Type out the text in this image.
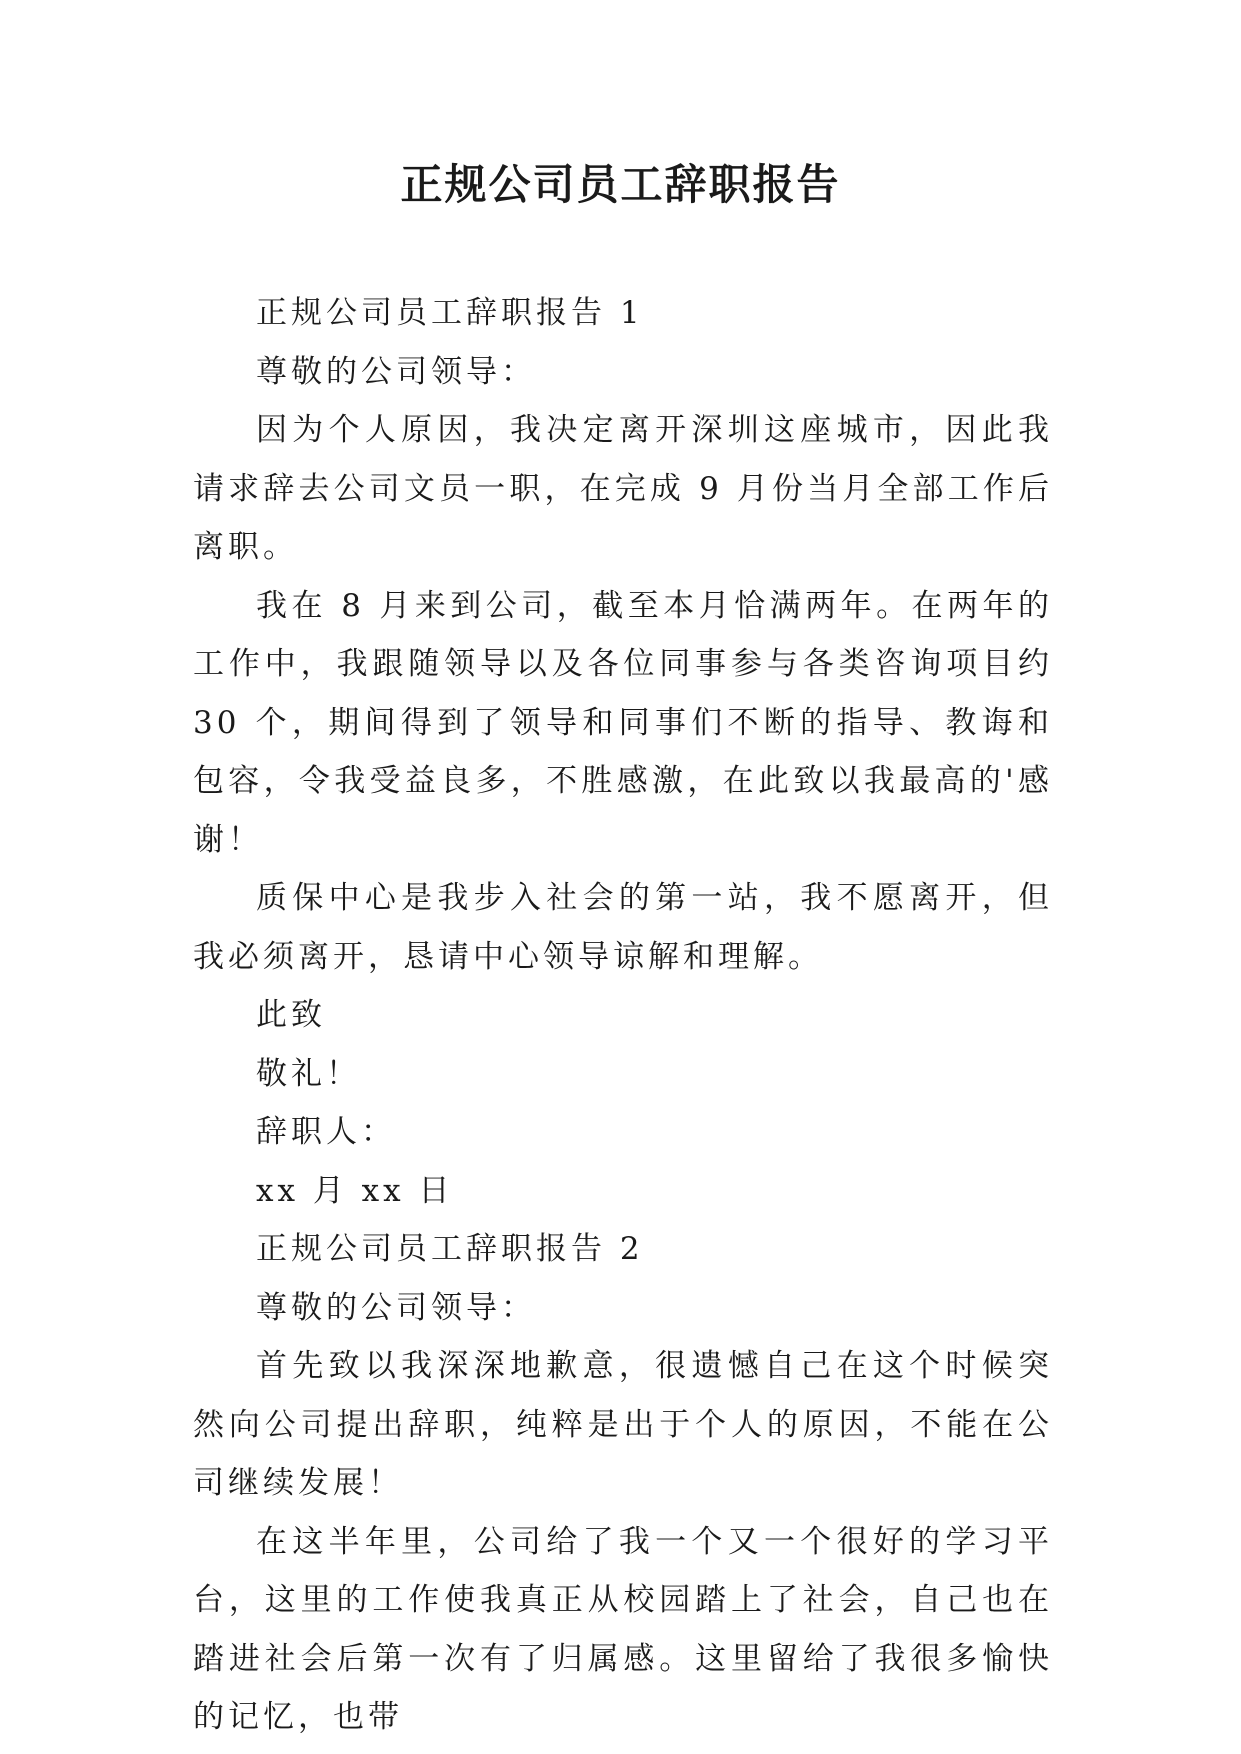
正规公司员工辞职报告

正规公司员工辞职报告 1

尊敬的公司领导：

因为个人原因，我决定离开深圳这座城市，因此我请求辞去公司文员一职，在完成 9 月份当月全部工作后离职。

我在 8 月来到公司，截至本月恰满两年。在两年的工作中，我跟随领导以及各位同事参与各类咨询项目约 30 个，期间得到了领导和同事们不断的指导、教诲和包容，令我受益良多，不胜感激，在此致以我最高的'感谢！

质保中心是我步入社会的第一站，我不愿离开，但我必须离开，恳请中心领导谅解和理解。

此致

敬礼！

辞职人：

xx 月 xx 日

正规公司员工辞职报告 2

尊敬的公司领导：

首先致以我深深地歉意，很遗憾自己在这个时候突然向公司提出辞职，纯粹是出于个人的原因，不能在公司继续发展！

在这半年里，公司给了我一个又一个很好的学习平台，这里的工作使我真正从校园踏上了社会，自己也在踏进社会后第一次有了归属感。这里留给了我很多愉快的记忆，也带
